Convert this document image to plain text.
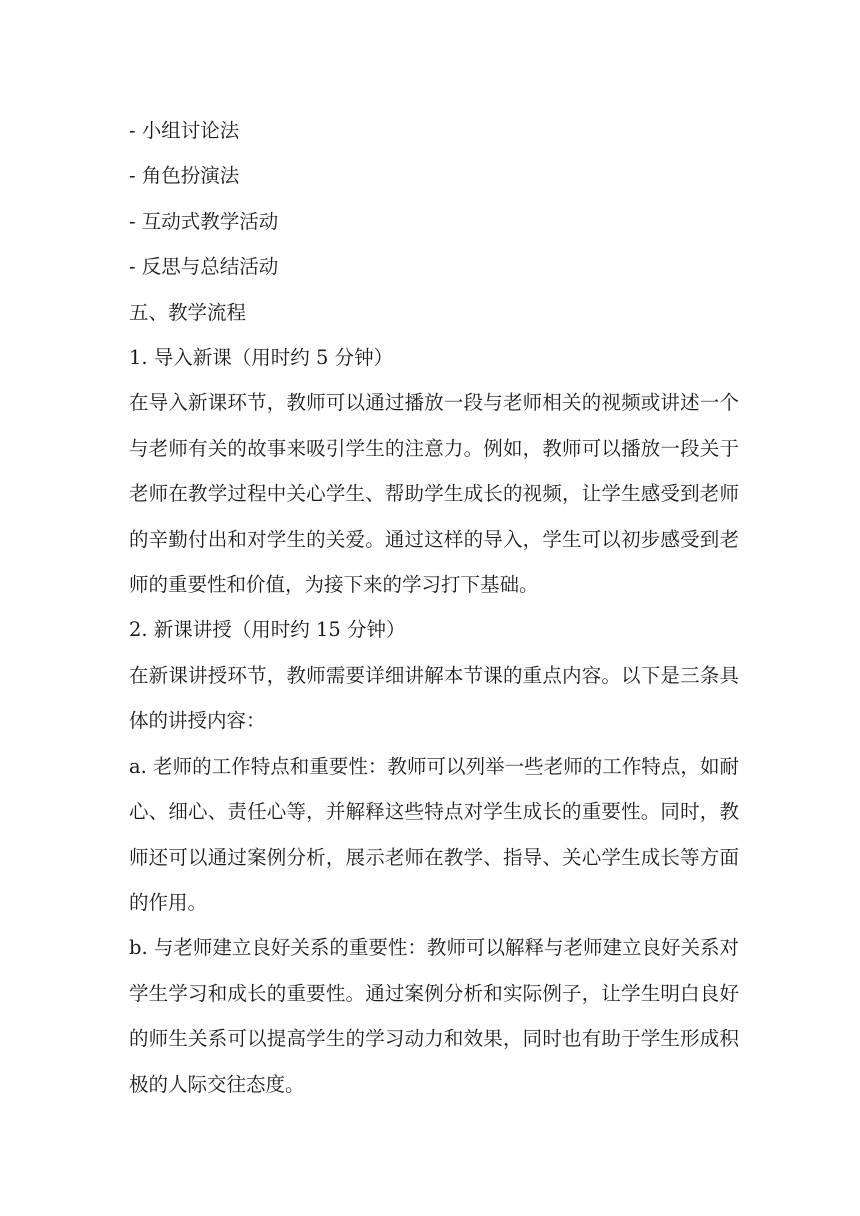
- 小组讨论法

- 角色扮演法

- 互动式教学活动

- 反思与总结活动

五、教学流程

1. 导入新课（用时约 5 分钟）

在导入新课环节，教师可以通过播放一段与老师相关的视频或讲述一个与老师有关的故事来吸引学生的注意力。例如，教师可以播放一段关于老师在教学过程中关心学生、帮助学生成长的视频，让学生感受到老师的辛勤付出和对学生的关爱。通过这样的导入，学生可以初步感受到老师的重要性和价值，为接下来的学习打下基础。

2. 新课讲授（用时约 15 分钟）

在新课讲授环节，教师需要详细讲解本节课的重点内容。以下是三条具体的讲授内容：

a. 老师的工作特点和重要性：教师可以列举一些老师的工作特点，如耐心、细心、责任心等，并解释这些特点对学生成长的重要性。同时，教师还可以通过案例分析，展示老师在教学、指导、关心学生成长等方面的作用。

b. 与老师建立良好关系的重要性：教师可以解释与老师建立良好关系对学生学习和成长的重要性。通过案例分析和实际例子，让学生明白良好的师生关系可以提高学生的学习动力和效果，同时也有助于学生形成积极的人际交往态度。
